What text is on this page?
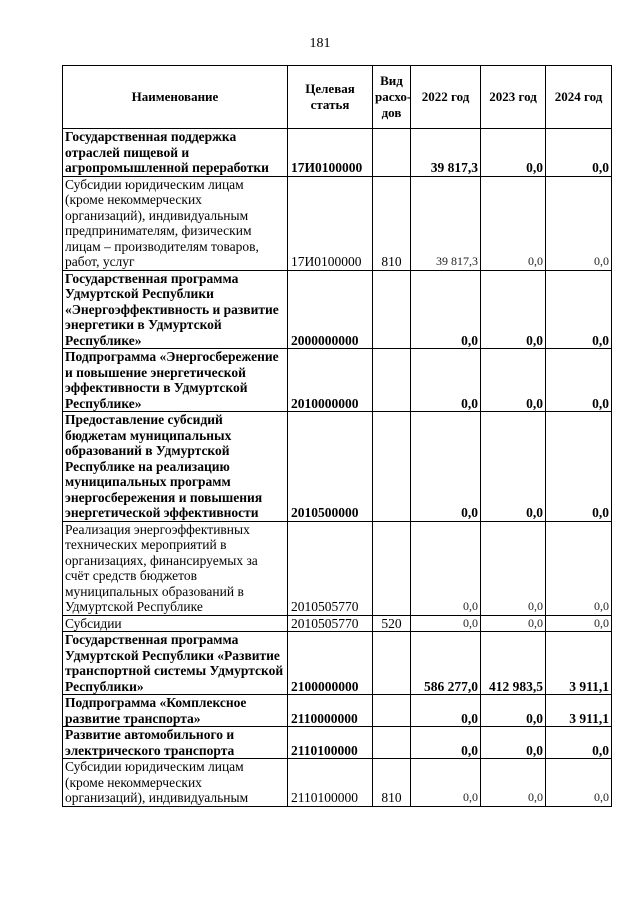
181
Наименование	Целевая статья	Вид расхо-дов	2022 год	2023 год	2024 год
Государственная поддержка отраслей пищевой и агропромышленной переработки	17И0100000		39 817,3	0,0	0,0
Субсидии юридическим лицам (кроме некоммерческих организаций), индивидуальным предпринимателям, физическим лицам – производителям товаров, работ, услуг	17И0100000	810	39 817,3	0,0	0,0
Государственная программа Удмуртской Республики «Энергоэффективность и развитие энергетики в Удмуртской Республике»	2000000000		0,0	0,0	0,0
Подпрограмма «Энергосбережение и повышение энергетической эффективности в Удмуртской Республике»	2010000000		0,0	0,0	0,0
Предоставление субсидий бюджетам муниципальных образований в Удмуртской Республике на реализацию муниципальных программ энергосбережения и повышения энергетической эффективности	2010500000		0,0	0,0	0,0
Реализация энергоэффективных технических мероприятий в организациях, финансируемых за счёт средств бюджетов муниципальных образований в Удмуртской Республике	2010505770		0,0	0,0	0,0
Субсидии	2010505770	520	0,0	0,0	0,0
Государственная программа Удмуртской Республики «Развитие транспортной системы Удмуртской Республики»	2100000000		586 277,0	412 983,5	3 911,1
Подпрограмма «Комплексное развитие транспорта»	2110000000		0,0	0,0	3 911,1
Развитие автомобильного и электрического транспорта	2110100000		0,0	0,0	0,0
Субсидии юридическим лицам (кроме некоммерческих организаций), индивидуальным	2110100000	810	0,0	0,0	0,0
